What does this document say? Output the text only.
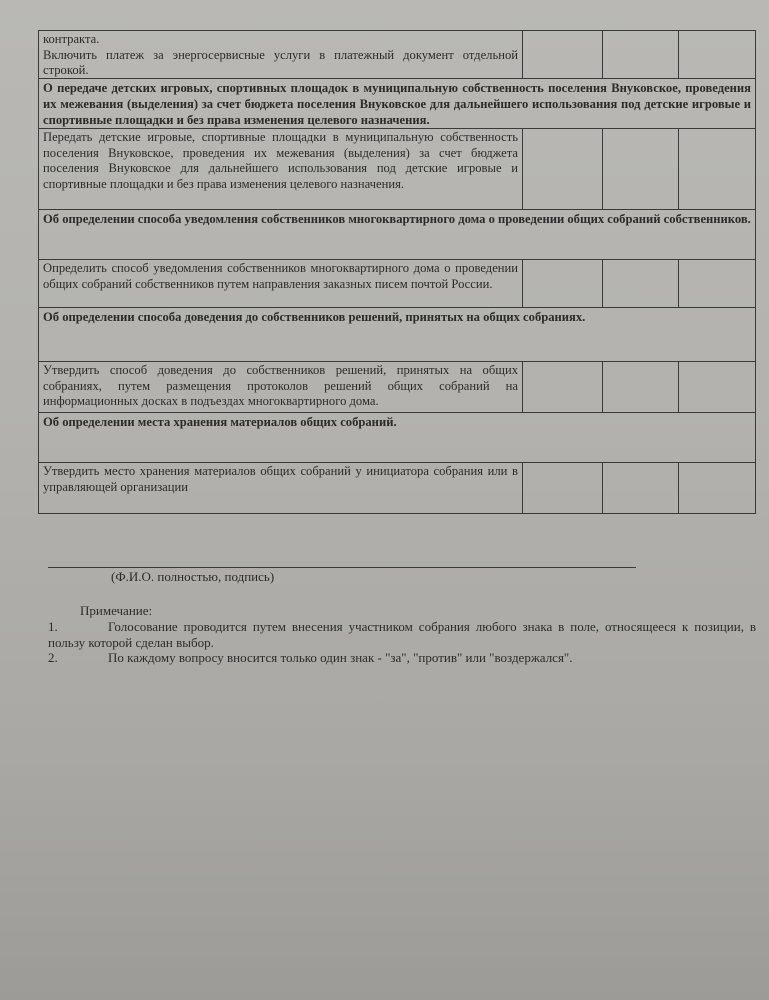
контракта.
Включить платеж за энергосервисные услуги в платежный документ отдельной строкой.
О передаче детских игровых, спортивных площадок в муниципальную собственность поселения Внуковское, проведения их межевания (выделения) за счет бюджета поселения Внуковское для дальнейшего использования под детские игровые и спортивные площадки и без права изменения целевого назначения.
Передать детские игровые, спортивные площадки в муниципальную собственность поселения Внуковское, проведения их межевания (выделения) за счет бюджета поселения Внуковское для дальнейшего использования под детские игровые и спортивные площадки и без права изменения целевого назначения.
Об определении способа уведомления собственников многоквартирного дома о проведении общих собраний собственников.
Определить способ уведомления собственников многоквартирного дома о проведении общих собраний собственников путем направления заказных писем почтой России.
Об определении способа доведения до собственников решений, принятых на общих собраниях.
Утвердить способ доведения до собственников решений, принятых на общих собраниях, путем размещения протоколов решений общих собраний на информационных досках в подъездах многоквартирного дома.
Об определении места хранения материалов общих собраний.
Утвердить место хранения материалов общих собраний у инициатора собрания или в управляющей организации
(Ф.И.О. полностью, подпись)
Примечание:
1.	Голосование проводится путем внесения участником собрания любого знака в поле, относящееся к позиции, в пользу которой сделан выбор.
2.	По каждому вопросу вносится только один знак - "за", "против" или "воздержался".
